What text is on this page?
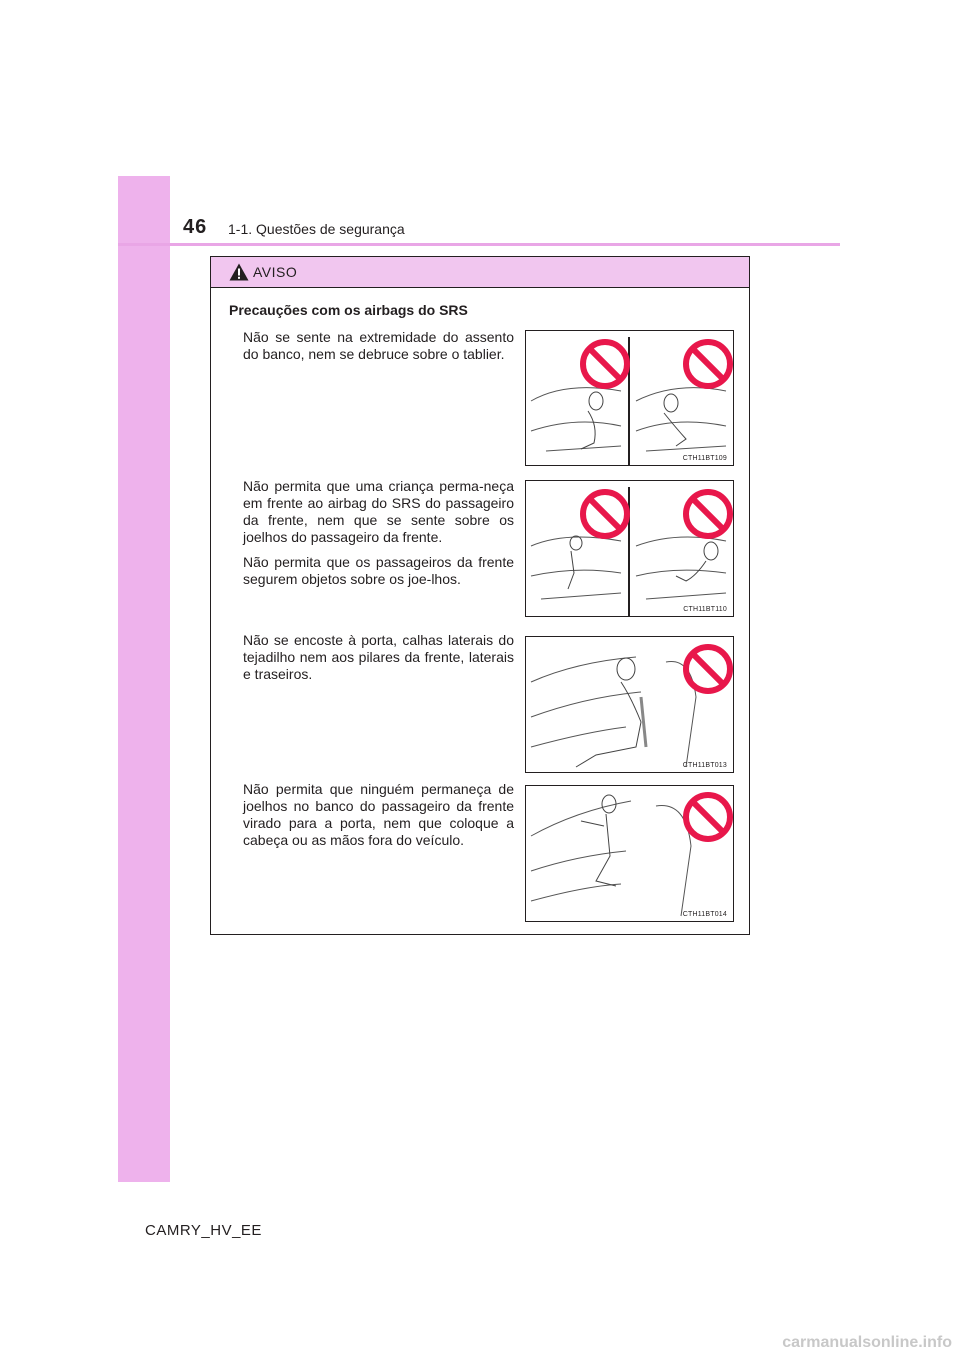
46 1-1. Questões de segurança
AVISO
Precauções com os airbags do SRS

Não se sente na extremidade do assento do banco, nem se debruce sobre o tablier.

CTH11BT109

Não permita que uma criança perma-neça em frente ao airbag do SRS do passageiro da frente, nem que se sente sobre os joelhos do passageiro da frente.

Não permita que os passageiros da frente segurem objetos sobre os joe-lhos.

CTH11BT110

Não se encoste à porta, calhas laterais do tejadilho nem aos pilares da frente, laterais e traseiros.

CTH11BT013

Não permita que ninguém permaneça de joelhos no banco do passageiro da frente virado para a porta, nem que coloque a cabeça ou as mãos fora do veículo.

CTH11BT014
CAMRY_HV_EE
carmanualsonline.info
